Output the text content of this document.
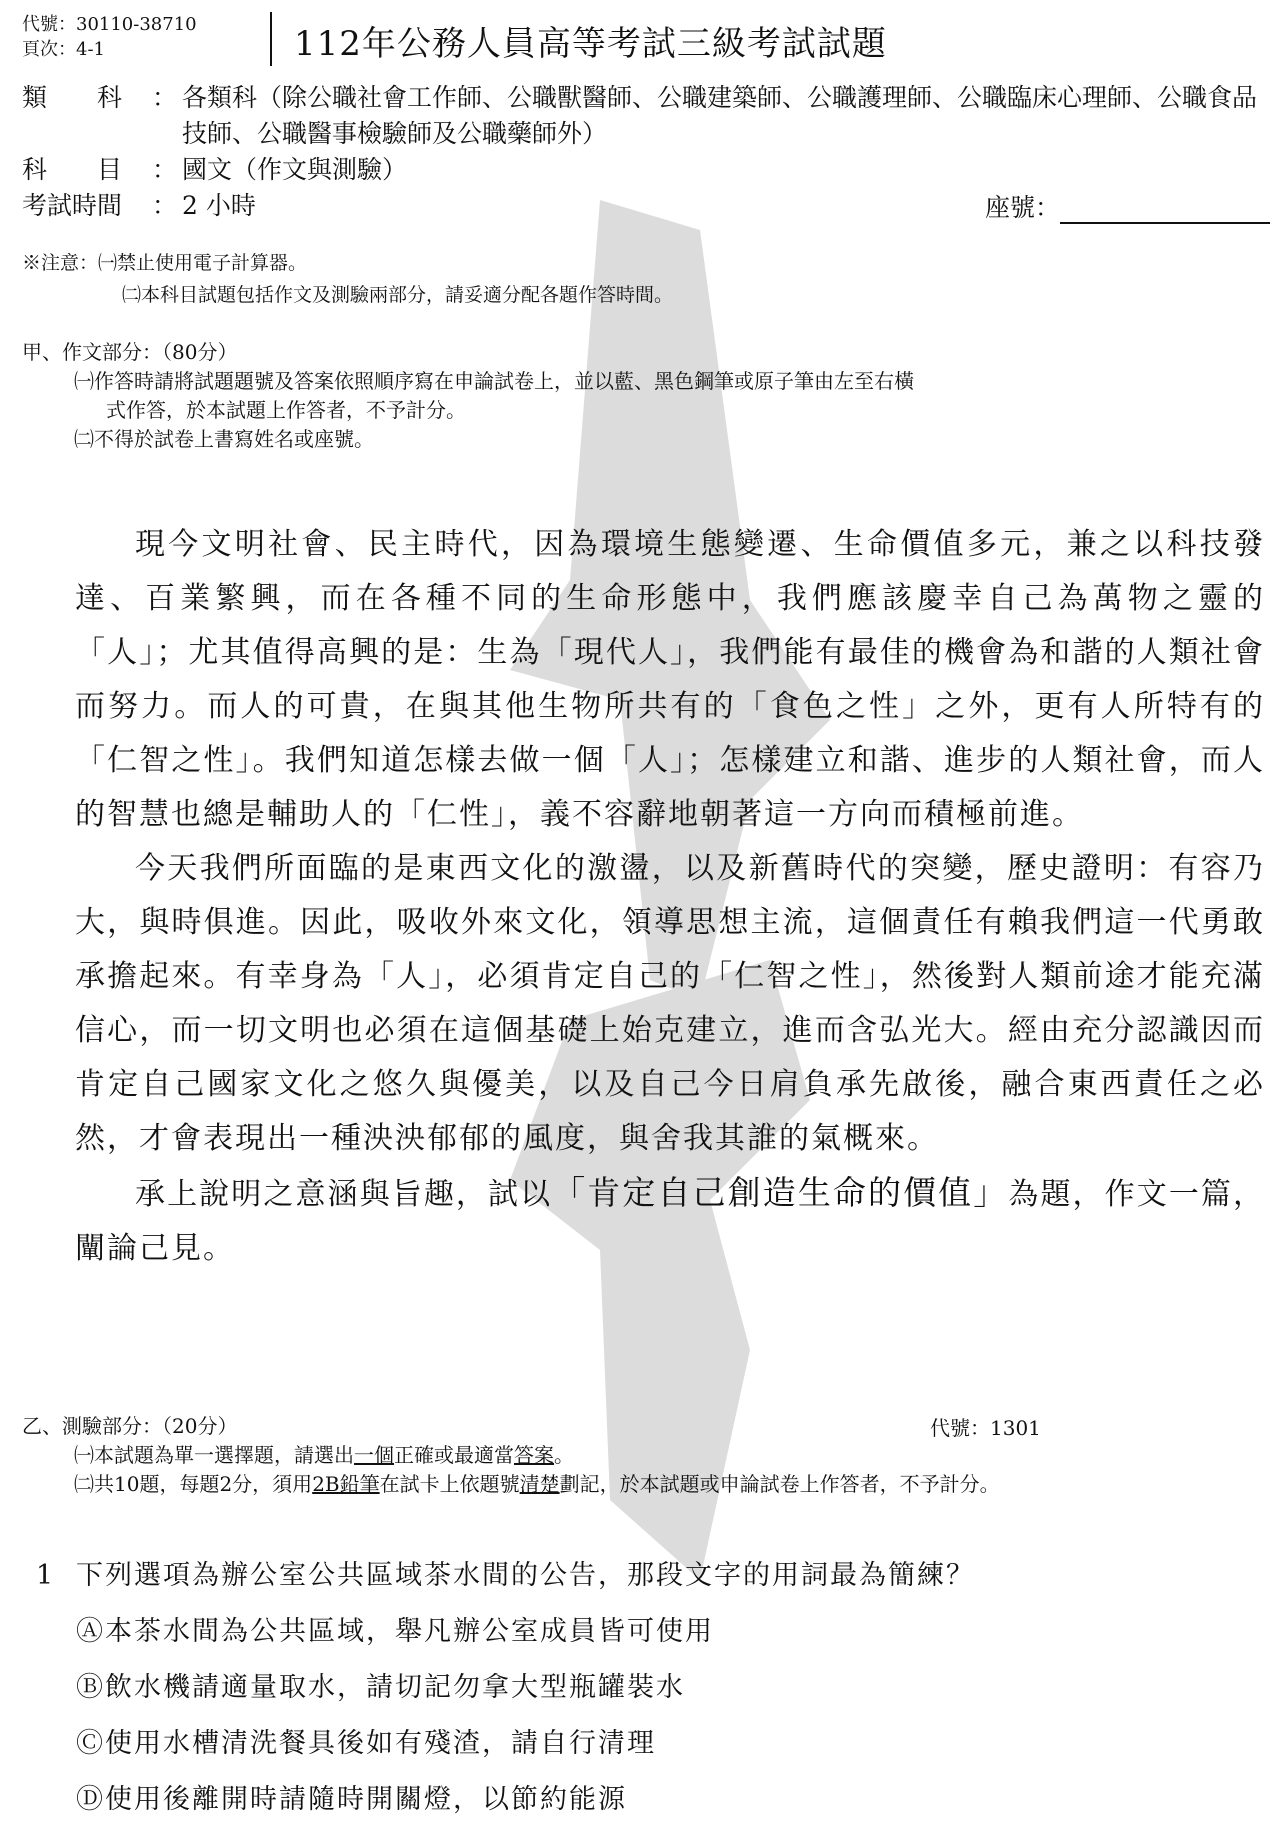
代號：30110-38710
頁次：4-1	112年公務人員高等考試三級考試試題
類　　科	： 各類科（除公職社會工作師、公職獸醫師、公職建築師、公職護理師、公職臨床心理師、公職食品技師、公職醫事檢驗師及公職藥師外）
科　　目	： 國文（作文與測驗）
考試時間	： 2 小時	座號：
※注意：㈠禁止使用電子計算器。
㈡本科目試題包括作文及測驗兩部分，請妥適分配各題作答時間。
甲、作文部分：（80分）
㈠作答時請將試題題號及答案依照順序寫在申論試卷上，並以藍、黑色鋼筆或原子筆由左至右橫
式作答，於本試題上作答者，不予計分。
㈡不得於試卷上書寫姓名或座號。

現今文明社會、民主時代，因為環境生態變遷、生命價值多元，兼之以科技發達、百業繁興，而在各種不同的生命形態中，我們應該慶幸自己為萬物之靈的「人」；尤其值得高興的是：生為「現代人」，我們能有最佳的機會為和諧的人類社會而努力。而人的可貴，在與其他生物所共有的「食色之性」之外，更有人所特有的「仁智之性」。我們知道怎樣去做一個「人」；怎樣建立和諧、進步的人類社會，而人的智慧也總是輔助人的「仁性」，義不容辭地朝著這一方向而積極前進。

今天我們所面臨的是東西文化的激盪，以及新舊時代的突變，歷史證明：有容乃大，與時俱進。因此，吸收外來文化，領導思想主流，這個責任有賴我們這一代勇敢承擔起來。有幸身為「人」，必須肯定自己的「仁智之性」，然後對人類前途才能充滿信心，而一切文明也必須在這個基礎上始克建立，進而含弘光大。經由充分認識因而肯定自己國家文化之悠久與優美，以及自己今日肩負承先啟後，融合東西責任之必然，才會表現出一種泱泱郁郁的風度，與舍我其誰的氣概來。

承上說明之意涵與旨趣，試以「肯定自己創造生命的價值」為題，作文一篇，闡論己見。

乙、測驗部分：（20分）
㈠本試題為單一選擇題，請選出一個正確或最適當答案。
㈡共10題，每題2分，須用2B鉛筆在試卡上依題號清楚劃記，於本試題或申論試卷上作答者，不予計分。
代號：1301
1 下列選項為辦公室公共區域茶水間的公告，那段文字的用詞最為簡練？
Ⓐ本茶水間為公共區域，舉凡辦公室成員皆可使用
Ⓑ飲水機請適量取水，請切記勿拿大型瓶罐裝水
Ⓒ使用水槽清洗餐具後如有殘渣，請自行清理
Ⓓ使用後離開時請隨時開關燈，以節約能源
